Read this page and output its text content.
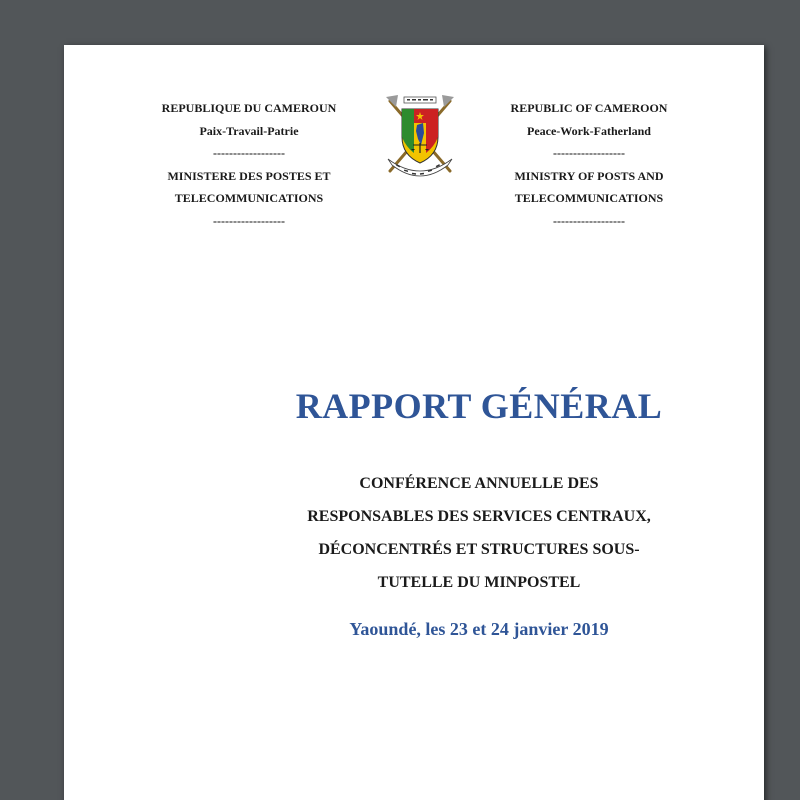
REPUBLIQUE DU CAMEROUN
Paix-Travail-Patrie
------------------
MINISTERE DES POSTES ET
TELECOMMUNICATIONS
------------------
REPUBLIC OF CAMEROON
Peace-Work-Fatherland
------------------
MINISTRY OF POSTS AND
TELECOMMUNICATIONS
------------------
RAPPORT GÉNÉRAL
CONFÉRENCE ANNUELLE DES
RESPONSABLES DES SERVICES CENTRAUX,
DÉCONCENTRÉS ET STRUCTURES SOUS-
TUTELLE DU MINPOSTEL
Yaoundé, les 23 et 24 janvier 2019
